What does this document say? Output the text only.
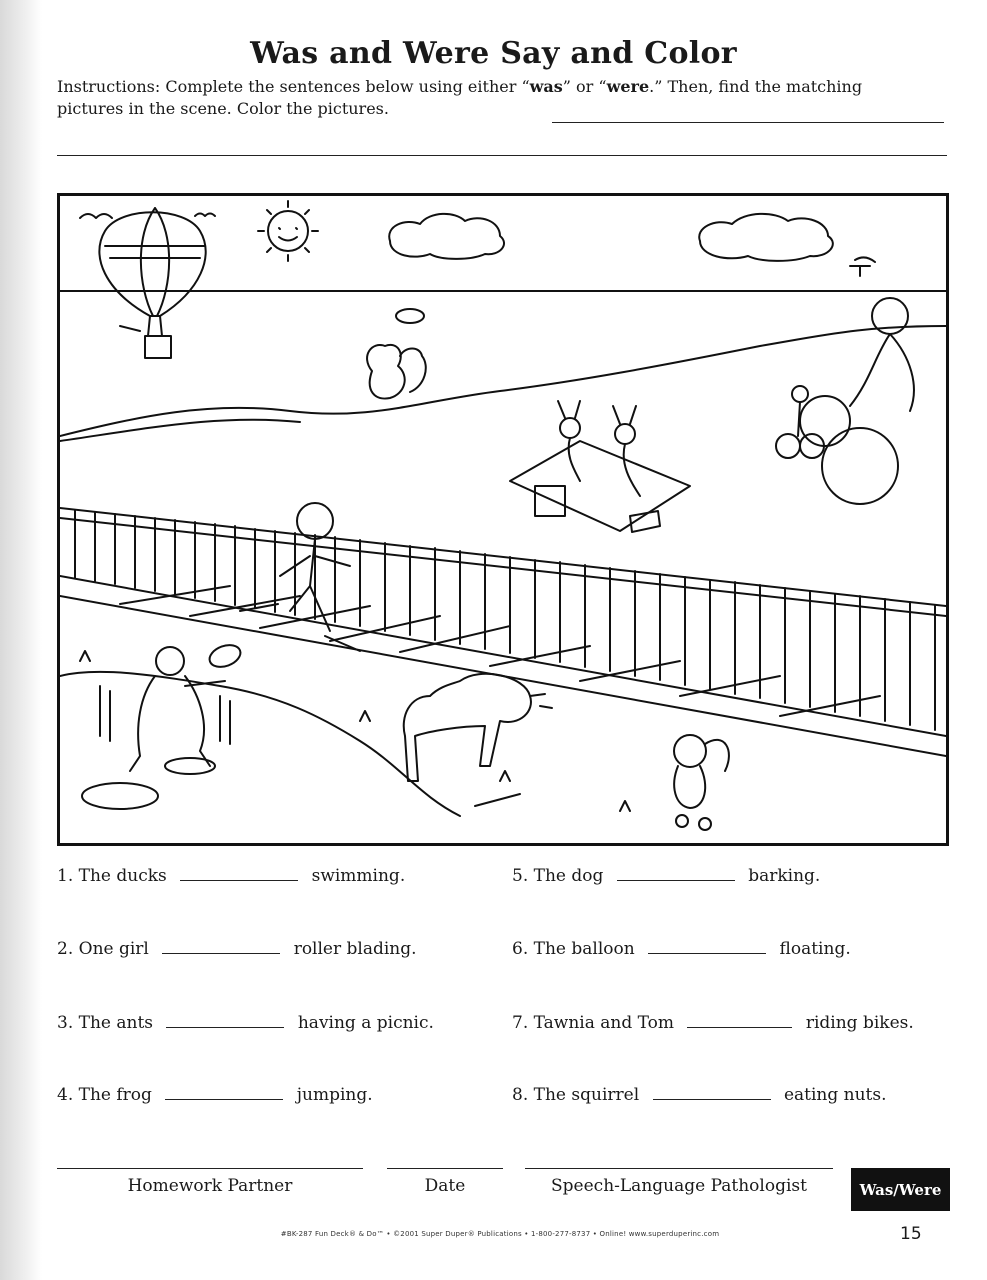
Was and Were Say and Color

Instructions: Complete the sentences below using either “was” or “were.” Then, find the matching pictures in the scene. Color the pictures.

1. The ducks	swimming.
2. One girl	roller blading.
3. The ants	having a picnic.
4. The frog	jumping.
5. The dog	barking.
6. The balloon	floating.
7. Tawnia and Tom	riding bikes.
8. The squirrel	eating nuts.
Homework Partner	Date	Speech-Language Pathologist	Was/Were
#BK-287 Fun Deck® & Do™ • ©2001 Super Duper® Publications • 1-800-277-8737 • Online! www.superduperinc.com	15
